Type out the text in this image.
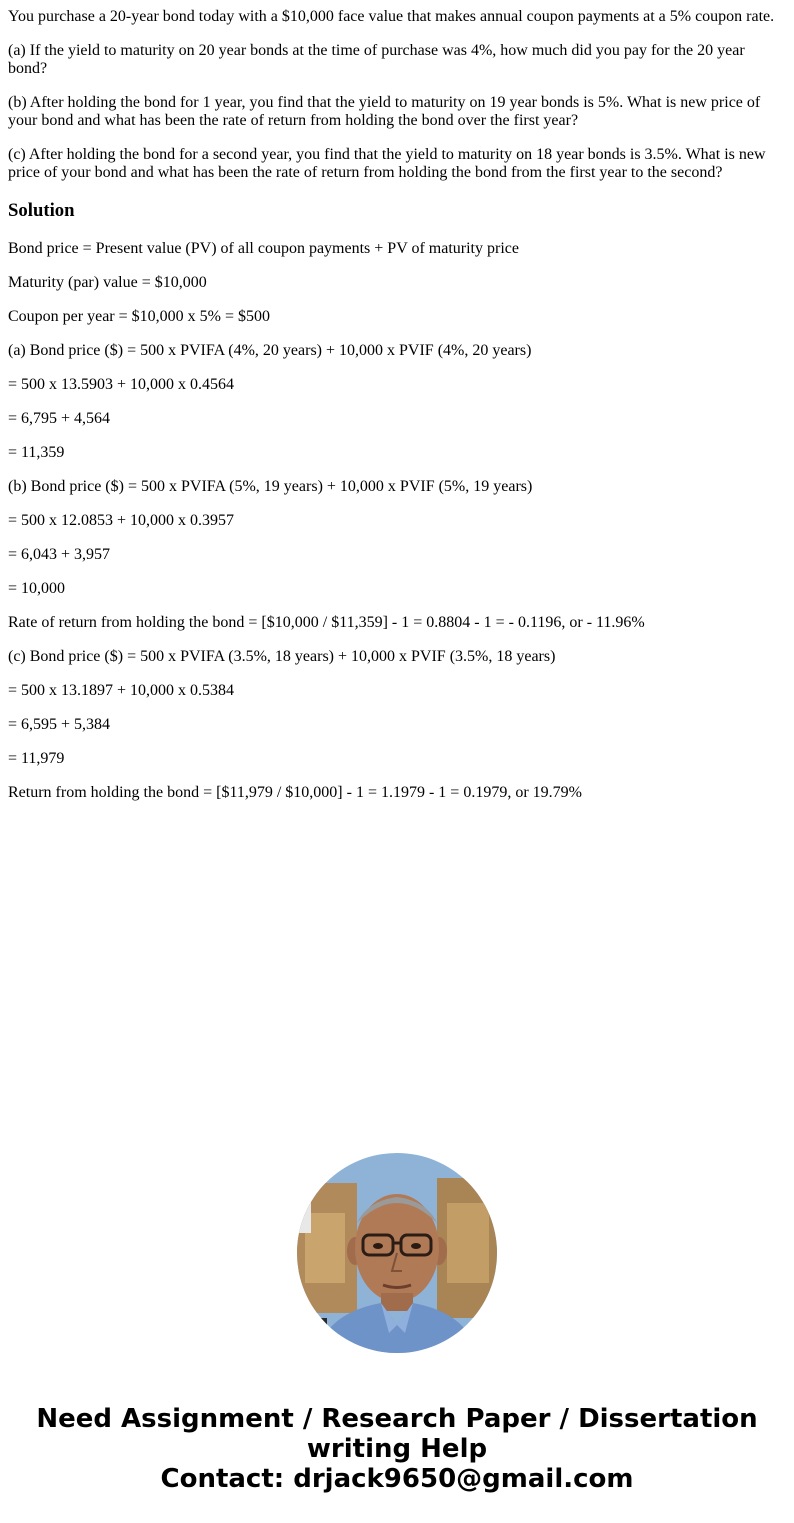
You purchase a 20-year bond today with a $10,000 face value that makes annual coupon payments at a 5% coupon rate.

(a) If the yield to maturity on 20 year bonds at the time of purchase was 4%, how much did you pay for the 20 year bond?

(b) After holding the bond for 1 year, you find that the yield to maturity on 19 year bonds is 5%. What is new price of your bond and what has been the rate of return from holding the bond over the first year?

(c) After holding the bond for a second year, you find that the yield to maturity on 18 year bonds is 3.5%. What is new price of your bond and what has been the rate of return from holding the bond from the first year to the second?

Solution

Bond price = Present value (PV) of all coupon payments + PV of maturity price

Maturity (par) value = $10,000

Coupon per year = $10,000 x 5% = $500

(a) Bond price ($) = 500 x PVIFA (4%, 20 years) + 10,000 x PVIF (4%, 20 years)

= 500 x 13.5903 + 10,000 x 0.4564

= 6,795 + 4,564

= 11,359

(b) Bond price ($) = 500 x PVIFA (5%, 19 years) + 10,000 x PVIF (5%, 19 years)

= 500 x 12.0853 + 10,000 x 0.3957

= 6,043 + 3,957

= 10,000

Rate of return from holding the bond = [$10,000 / $11,359] - 1 = 0.8804 - 1 = - 0.1196, or - 11.96%

(c) Bond price ($) = 500 x PVIFA (3.5%, 18 years) + 10,000 x PVIF (3.5%, 18 years)

= 500 x 13.1897 + 10,000 x 0.5384

= 6,595 + 5,384

= 11,979

Return from holding the bond = [$11,979 / $10,000] - 1 = 1.1979 - 1 = 0.1979, or 19.79%

Need Assignment / Research Paper / Dissertation
writing Help
Contact: drjack9650@gmail.com
